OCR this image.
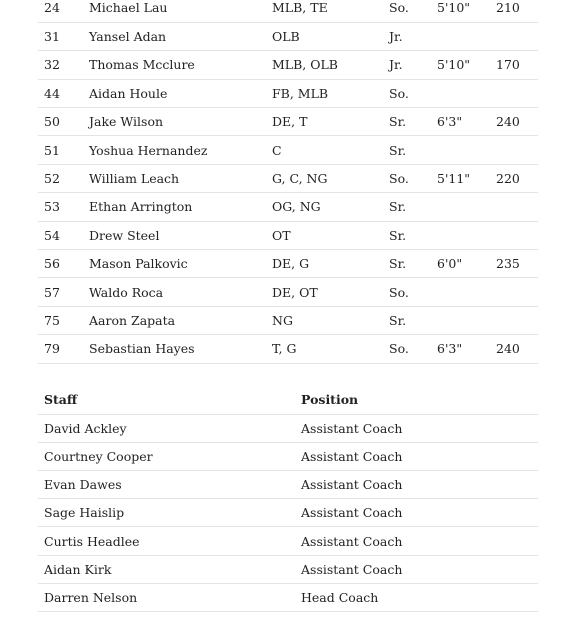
24	Michael Lau	MLB, TE	So.	5'10"	210
31	Yansel Adan	OLB	Jr.		
32	Thomas Mcclure	MLB, OLB	Jr.	5'10"	170
44	Aidan Houle	FB, MLB	So.		
50	Jake Wilson	DE, T	Sr.	6'3"	240
51	Yoshua Hernandez	C	Sr.		
52	William Leach	G, C, NG	So.	5'11"	220
53	Ethan Arrington	OG, NG	Sr.		
54	Drew Steel	OT	Sr.		
56	Mason Palkovic	DE, G	Sr.	6'0"	235
57	Waldo Roca	DE, OT	So.		
75	Aaron Zapata	NG	Sr.		
79	Sebastian Hayes	T, G	So.	6'3"	240
Staff	Position
David Ackley	Assistant Coach
Courtney Cooper	Assistant Coach
Evan Dawes	Assistant Coach
Sage Haislip	Assistant Coach
Curtis Headlee	Assistant Coach
Aidan Kirk	Assistant Coach
Darren Nelson	Head Coach
